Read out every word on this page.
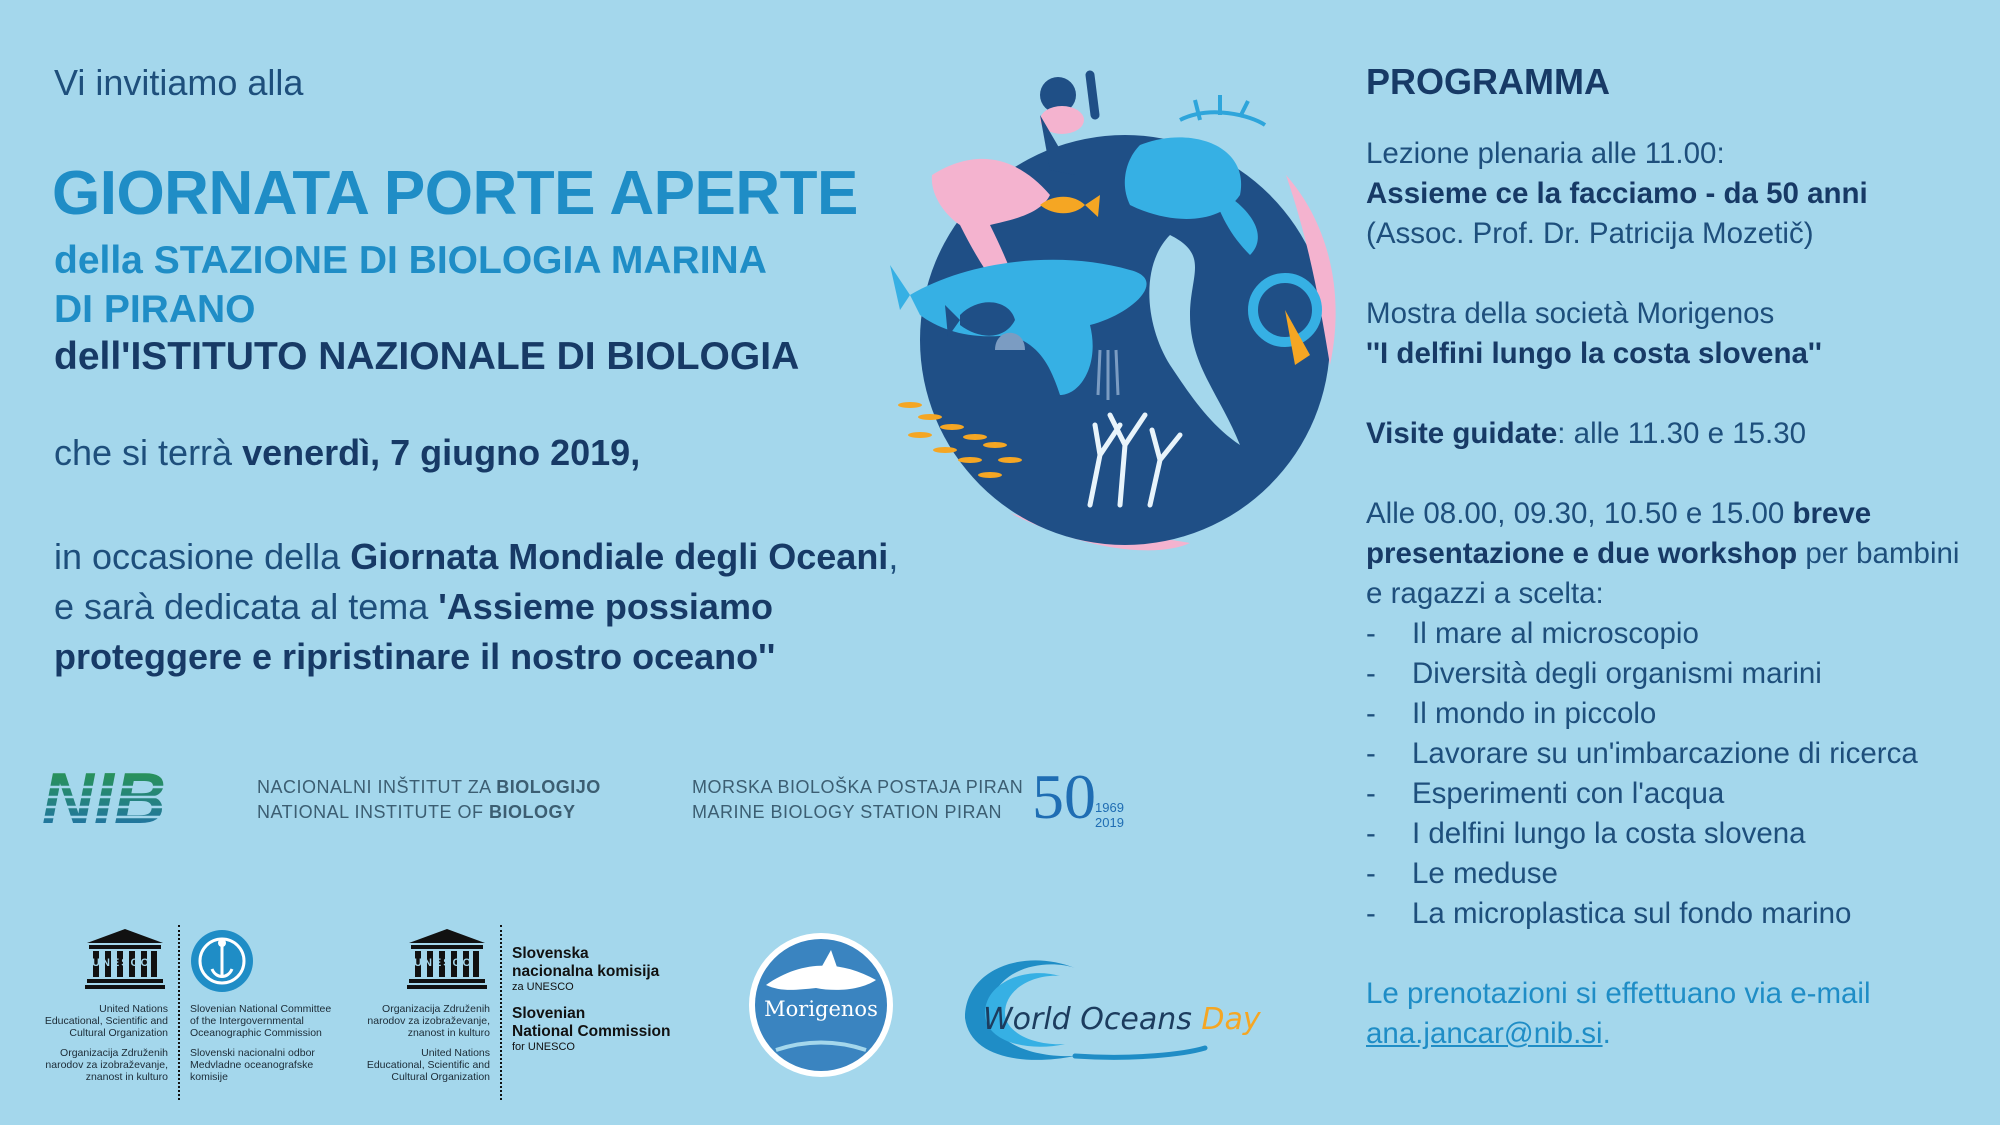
Vi invitiamo alla
GIORNATA PORTE APERTE
della STAZIONE DI BIOLOGIA MARINA
DI PIRANO
dell'ISTITUTO NAZIONALE DI BIOLOGIA
che si terrà venerdì, 7 giugno 2019,
in occasione della Giornata Mondiale degli Oceani,
e sarà dedicata al tema 'Assieme possiamo
proteggere e ripristinare il nostro oceano''
PROGRAMMA
Lezione plenaria alle 11.00:
Assieme ce la facciamo - da 50 anni
(Assoc. Prof. Dr. Patricija Mozetič)
Mostra della società Morigenos
''I delfini lungo la costa slovena''
Visite guidate: alle 11.30 e 15.30
Alle 08.00, 09.30, 10.50 e 15.00 breve
presentazione e due workshop per bambini
e ragazzi a scelta:
-	Il mare al microscopio
-	Diversità degli organismi marini
-	Il mondo in piccolo
-	Lavorare su un'imbarcazione di ricerca
-	Esperimenti con l'acqua
-	I delfini lungo la costa slovena
-	Le meduse
-	La microplastica sul fondo marino
Le prenotazioni si effettuano via e-mail
ana.jancar@nib.si.
NIB	NACIONALNI INŠTITUT ZA BIOLOGIJO
NATIONAL INSTITUTE OF BIOLOGY
MORSKA BIOLOŠKA POSTAJA PIRAN
MARINE BIOLOGY STATION PIRAN 50 1969
2019
UNESCO
United Nations Educational, Scientific and Cultural Organization
Organizacija Združenih narodov za izobraževanje, znanost in kulturo
Slovenian National Committee of the Intergovernmental Oceanographic Commission
Slovenski nacionalni odbor Medvladne oceanografske komisije
UNESCO
Organizacija Združenih narodov za izobraževanje, znanost in kulturo
United Nations Educational, Scientific and Cultural Organization
Slovenska
nacionalna komisija
za UNESCO
Slovenian
National Commission
for UNESCO
Morigenos	World Oceans Day
